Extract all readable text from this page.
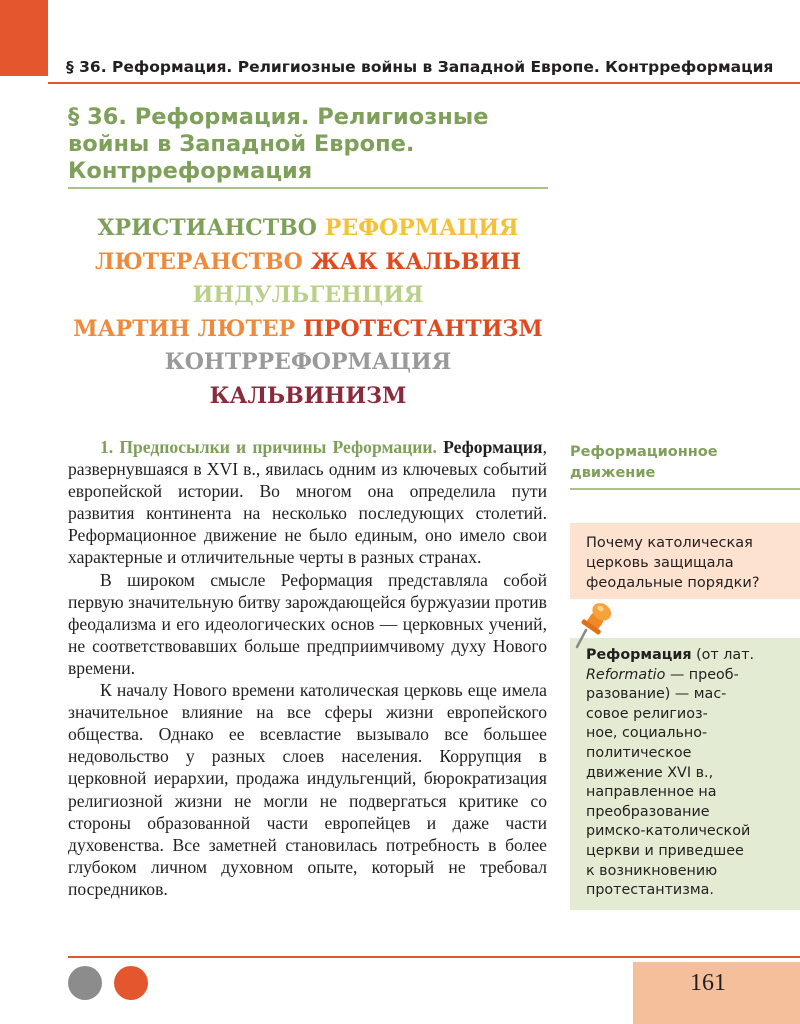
§ 36. Реформация. Религиозные войны в Западной Европе. Контрреформация
§ 36. Реформация. Религиозные
войны в Западной Европе.
Контрреформация
ХРИСТИАНСТВО РЕФОРМАЦИЯ
ЛЮТЕРАНСТВО ЖАК КАЛЬВИН
ИНДУЛЬГЕНЦИЯ
МАРТИН ЛЮТЕР ПРОТЕСТАНТИЗМ
КОНТРРЕФОРМАЦИЯ
КАЛЬВИНИЗМ

1. Предпосылки и причины Реформации. Реформация, развернувшаяся в XVI в., явилась одним из ключевых событий европейской истории. Во многом она определила пути развития континента на несколько последующих столетий. Реформационное движение не было единым, оно имело свои характерные и отличительные черты в разных странах.

В широком смысле Реформация представляла собой первую значительную битву зарождающейся буржуазии против феодализма и его идеологических основ — церковных учений, не соответствовавших больше предприимчивому духу Нового времени.

К началу Нового времени католическая церковь еще имела значительное влияние на все сферы жизни европейского общества. Однако ее всевластие вызывало все большее недовольство у разных слоев населения. Коррупция в церковной иерархии, продажа индульгенций, бюрократизация религиозной жизни не могли не подвергаться критике со стороны образованной части европейцев и даже части духовенства. Все заметней становилась потребность в более глубоком личном духовном опыте, который не требовал посредников.

Реформационное
движение
Почему католическая
церковь защищала
феодальные порядки?
Реформация (от лат.
Reformatio — преоб-
разование) — мас-
совое религиоз-
ное, социально-
политическое
движение XVI в.,
направленное на
преобразование
римско-католической
церкви и приведшее
к возникновению
протестантизма.
161
